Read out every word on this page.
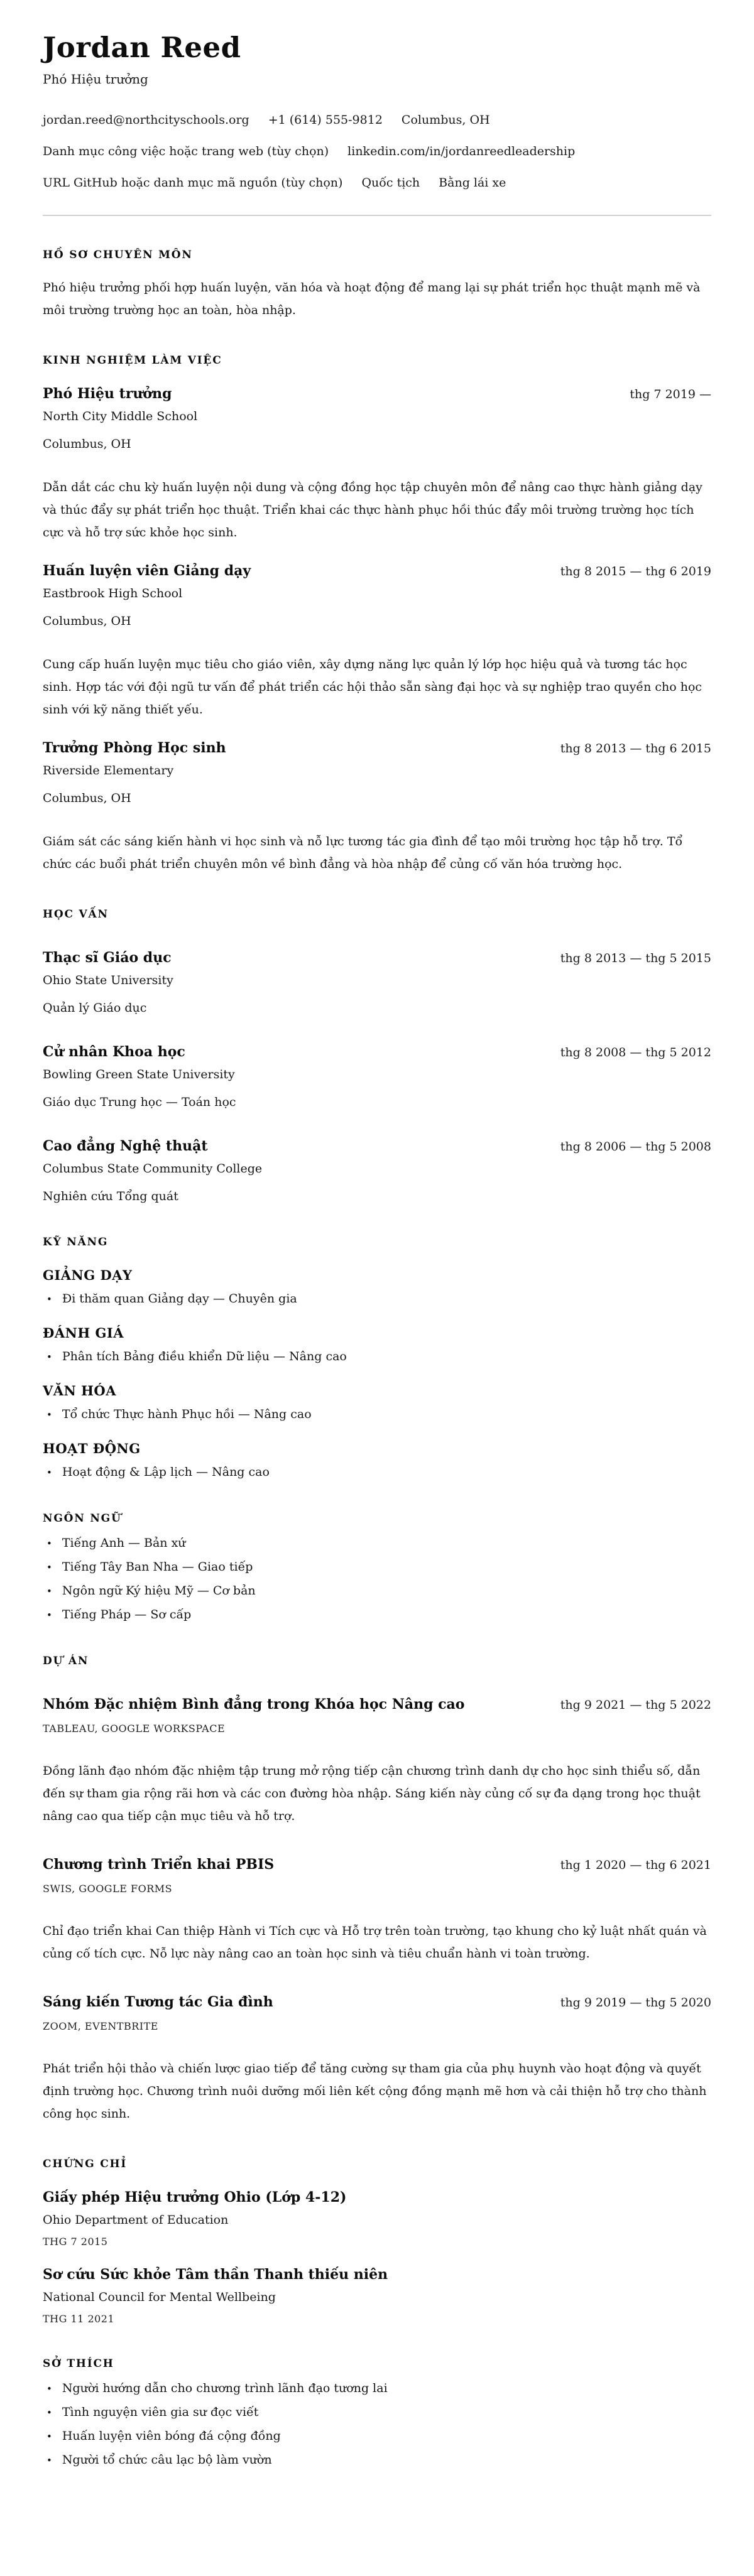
Jordan Reed
Phó Hiệu trưởng
jordan.reed@northcityschools.org +1 (614) 555-9812 Columbus, OH
Danh mục công việc hoặc trang web (tùy chọn) linkedin.com/in/jordanreedleadership
URL GitHub hoặc danh mục mã nguồn (tùy chọn) Quốc tịch Bằng lái xe
HỒ SƠ CHUYÊN MÔN
Phó hiệu trưởng phối hợp huấn luyện, văn hóa và hoạt động để mang lại sự phát triển học thuật mạnh mẽ và môi trường trường học an toàn, hòa nhập.
KINH NGHIỆM LÀM VIỆC
Phó Hiệu trưởng	thg 7 2019 —
North City Middle School
Columbus, OH
Dẫn dắt các chu kỳ huấn luyện nội dung và cộng đồng học tập chuyên môn để nâng cao thực hành giảng dạy và thúc đẩy sự phát triển học thuật. Triển khai các thực hành phục hồi thúc đẩy môi trường trường học tích cực và hỗ trợ sức khỏe học sinh.
Huấn luyện viên Giảng dạy	thg 8 2015 — thg 6 2019
Eastbrook High School
Columbus, OH
Cung cấp huấn luyện mục tiêu cho giáo viên, xây dựng năng lực quản lý lớp học hiệu quả và tương tác học sinh. Hợp tác với đội ngũ tư vấn để phát triển các hội thảo sẵn sàng đại học và sự nghiệp trao quyền cho học sinh với kỹ năng thiết yếu.
Trưởng Phòng Học sinh	thg 8 2013 — thg 6 2015
Riverside Elementary
Columbus, OH
Giám sát các sáng kiến hành vi học sinh và nỗ lực tương tác gia đình để tạo môi trường học tập hỗ trợ. Tổ chức các buổi phát triển chuyên môn về bình đẳng và hòa nhập để củng cố văn hóa trường học.
HỌC VẤN
Thạc sĩ Giáo dục	thg 8 2013 — thg 5 2015
Ohio State University
Quản lý Giáo dục
Cử nhân Khoa học	thg 8 2008 — thg 5 2012
Bowling Green State University
Giáo dục Trung học — Toán học
Cao đẳng Nghệ thuật	thg 8 2006 — thg 5 2008
Columbus State Community College
Nghiên cứu Tổng quát
KỸ NĂNG
GIẢNG DẠY
• Đi thăm quan Giảng dạy — Chuyên gia
ĐÁNH GIÁ
• Phân tích Bảng điều khiển Dữ liệu — Nâng cao
VĂN HÓA
• Tổ chức Thực hành Phục hồi — Nâng cao
HOẠT ĐỘNG
• Hoạt động & Lập lịch — Nâng cao
NGÔN NGỮ
• Tiếng Anh — Bản xứ
• Tiếng Tây Ban Nha — Giao tiếp
• Ngôn ngữ Ký hiệu Mỹ — Cơ bản
• Tiếng Pháp — Sơ cấp
DỰ ÁN
Nhóm Đặc nhiệm Bình đẳng trong Khóa học Nâng cao	thg 9 2021 — thg 5 2022
TABLEAU, GOOGLE WORKSPACE
Đồng lãnh đạo nhóm đặc nhiệm tập trung mở rộng tiếp cận chương trình danh dự cho học sinh thiểu số, dẫn đến sự tham gia rộng rãi hơn và các con đường hòa nhập. Sáng kiến này củng cố sự đa dạng trong học thuật nâng cao qua tiếp cận mục tiêu và hỗ trợ.
Chương trình Triển khai PBIS	thg 1 2020 — thg 6 2021
SWIS, GOOGLE FORMS
Chỉ đạo triển khai Can thiệp Hành vi Tích cực và Hỗ trợ trên toàn trường, tạo khung cho kỷ luật nhất quán và củng cố tích cực. Nỗ lực này nâng cao an toàn học sinh và tiêu chuẩn hành vi toàn trường.
Sáng kiến Tương tác Gia đình	thg 9 2019 — thg 5 2020
ZOOM, EVENTBRITE
Phát triển hội thảo và chiến lược giao tiếp để tăng cường sự tham gia của phụ huynh vào hoạt động và quyết định trường học. Chương trình nuôi dưỡng mối liên kết cộng đồng mạnh mẽ hơn và cải thiện hỗ trợ cho thành công học sinh.
CHỨNG CHỈ
Giấy phép Hiệu trưởng Ohio (Lớp 4-12)
Ohio Department of Education
THG 7 2015
Sơ cứu Sức khỏe Tâm thần Thanh thiếu niên
National Council for Mental Wellbeing
THG 11 2021
SỞ THÍCH
• Người hướng dẫn cho chương trình lãnh đạo tương lai
• Tình nguyện viên gia sư đọc viết
• Huấn luyện viên bóng đá cộng đồng
• Người tổ chức câu lạc bộ làm vườn
